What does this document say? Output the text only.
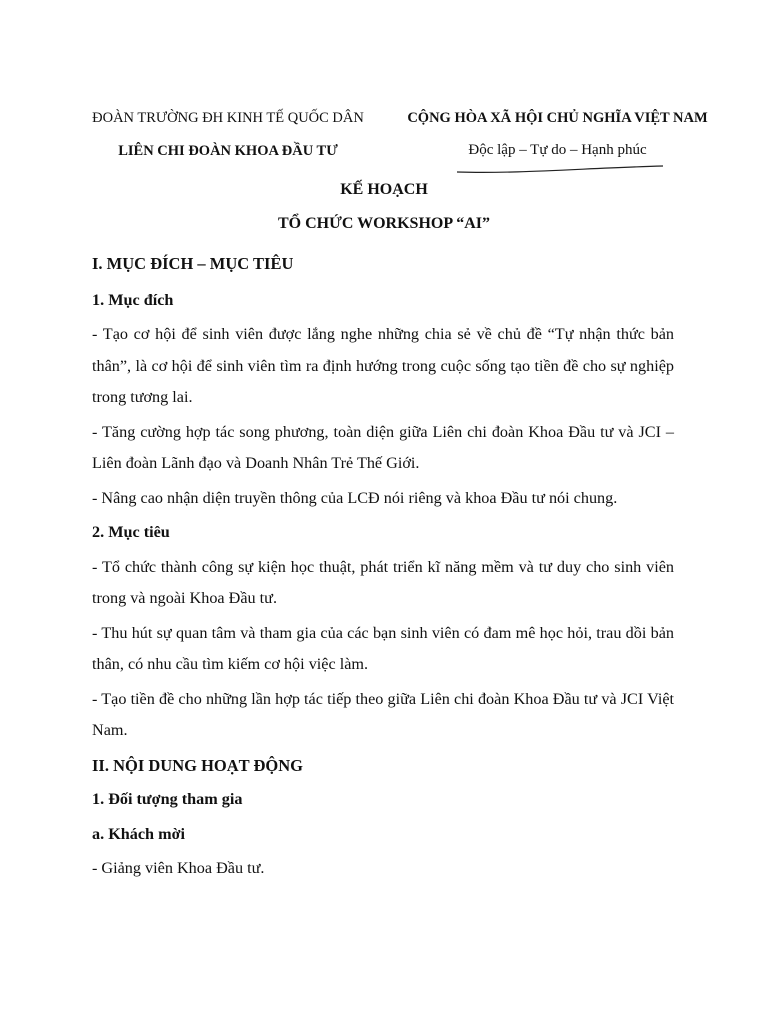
ĐOÀN TRƯỜNG ĐH KINH TẾ QUỐC DÂN
LIÊN CHI ĐOÀN KHOA ĐẦU TƯ
CỘNG HÒA XÃ HỘI CHỦ NGHĨA VIỆT NAM
Độc lập – Tự do – Hạnh phúc
KẾ HOẠCH
TỔ CHỨC WORKSHOP “AI”

I. MỤC ĐÍCH – MỤC TIÊU

1. Mục đích

- Tạo cơ hội để sinh viên được lắng nghe những chia sẻ về chủ đề “Tự nhận thức bản thân”, là cơ hội để sinh viên tìm ra định hướng trong cuộc sống tạo tiền đề cho sự nghiệp trong tương lai.

- Tăng cường hợp tác song phương, toàn diện giữa Liên chi đoàn Khoa Đầu tư và JCI – Liên đoàn Lãnh đạo và Doanh Nhân Trẻ Thế Giới.

- Nâng cao nhận diện truyền thông của LCĐ nói riêng và khoa Đầu tư nói chung.

2. Mục tiêu

- Tổ chức thành công sự kiện học thuật, phát triển kĩ năng mềm và tư duy cho sinh viên trong và ngoài Khoa Đầu tư.

- Thu hút sự quan tâm và tham gia của các bạn sinh viên có đam mê học hỏi, trau dồi bản thân, có nhu cầu tìm kiếm cơ hội việc làm.

- Tạo tiền đề cho những lần hợp tác tiếp theo giữa Liên chi đoàn Khoa Đầu tư và JCI Việt Nam.

II. NỘI DUNG HOẠT ĐỘNG

1. Đối tượng tham gia

a. Khách mời

- Giảng viên Khoa Đầu tư.
